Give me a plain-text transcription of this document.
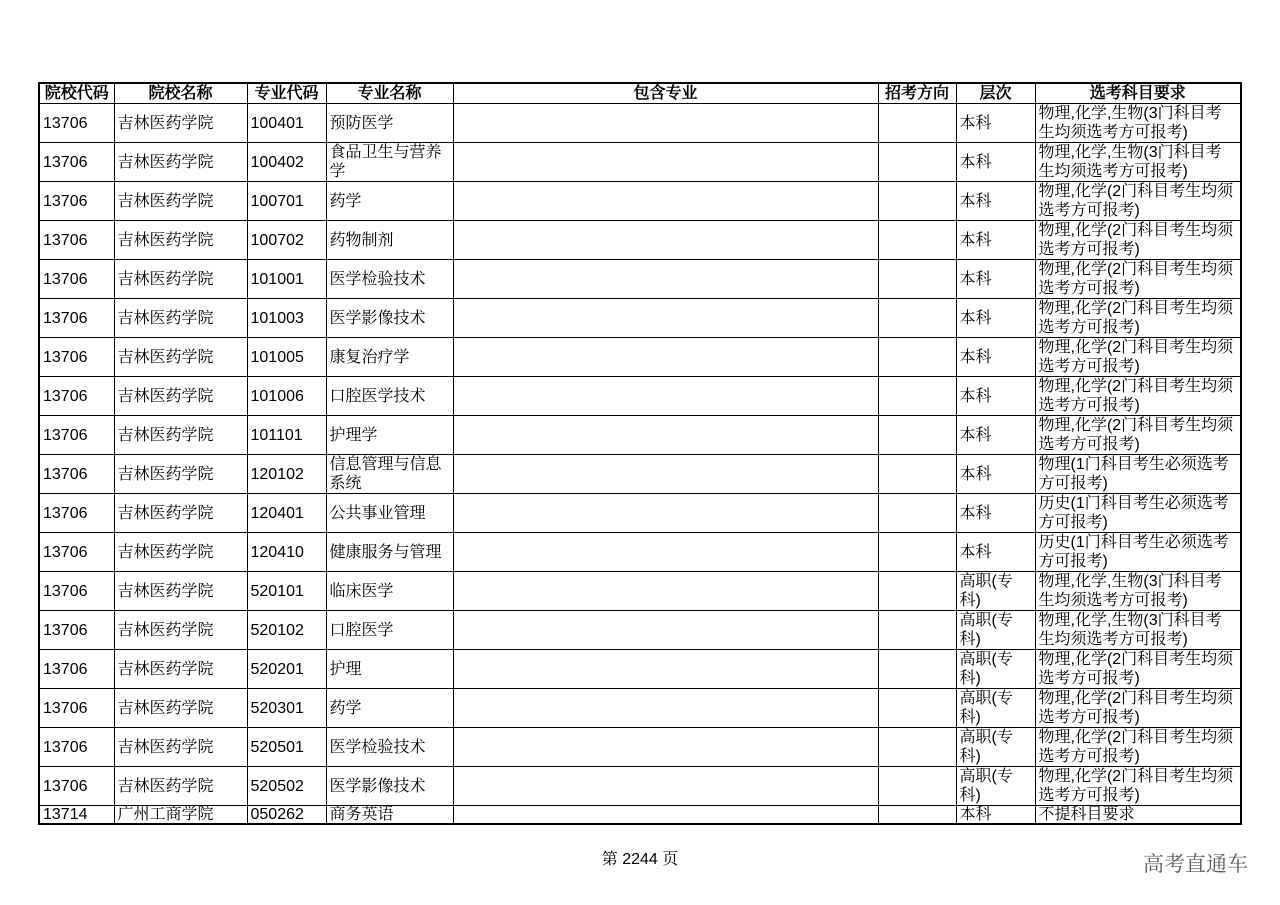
院校代码	院校名称	专业代码	专业名称	包含专业	招考方向	层次	选考科目要求
13706	吉林医药学院	100401	预防医学			本科	物理,化学,生物(3门科目考生均须选考方可报考)
13706	吉林医药学院	100402	食品卫生与营养学			本科	物理,化学,生物(3门科目考生均须选考方可报考)
13706	吉林医药学院	100701	药学			本科	物理,化学(2门科目考生均须选考方可报考)
13706	吉林医药学院	100702	药物制剂			本科	物理,化学(2门科目考生均须选考方可报考)
13706	吉林医药学院	101001	医学检验技术			本科	物理,化学(2门科目考生均须选考方可报考)
13706	吉林医药学院	101003	医学影像技术			本科	物理,化学(2门科目考生均须选考方可报考)
13706	吉林医药学院	101005	康复治疗学			本科	物理,化学(2门科目考生均须选考方可报考)
13706	吉林医药学院	101006	口腔医学技术			本科	物理,化学(2门科目考生均须选考方可报考)
13706	吉林医药学院	101101	护理学			本科	物理,化学(2门科目考生均须选考方可报考)
13706	吉林医药学院	120102	信息管理与信息系统			本科	物理(1门科目考生必须选考方可报考)
13706	吉林医药学院	120401	公共事业管理			本科	历史(1门科目考生必须选考方可报考)
13706	吉林医药学院	120410	健康服务与管理			本科	历史(1门科目考生必须选考方可报考)
13706	吉林医药学院	520101	临床医学			高职(专科)	物理,化学,生物(3门科目考生均须选考方可报考)
13706	吉林医药学院	520102	口腔医学			高职(专科)	物理,化学,生物(3门科目考生均须选考方可报考)
13706	吉林医药学院	520201	护理			高职(专科)	物理,化学(2门科目考生均须选考方可报考)
13706	吉林医药学院	520301	药学			高职(专科)	物理,化学(2门科目考生均须选考方可报考)
13706	吉林医药学院	520501	医学检验技术			高职(专科)	物理,化学(2门科目考生均须选考方可报考)
13706	吉林医药学院	520502	医学影像技术			高职(专科)	物理,化学(2门科目考生均须选考方可报考)
13714	广州工商学院	050262	商务英语			本科	不提科目要求
第 2244 页	高考直通车
